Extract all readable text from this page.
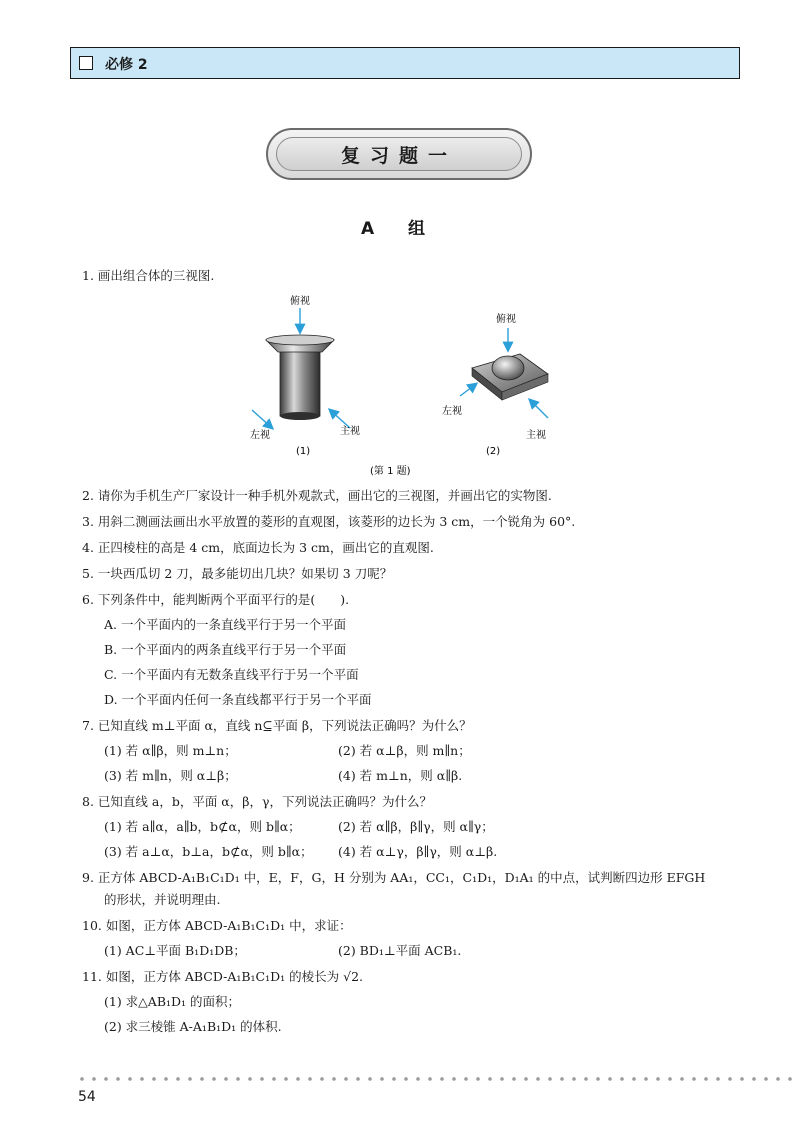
必修 2
复习题一
A 组
1. 画出组合体的三视图.
俯视
左视	主视
(1)
俯视
左视
主视
(2)
(第 1 题)
2. 请你为手机生产厂家设计一种手机外观款式，画出它的三视图，并画出它的实物图.
3. 用斜二测画法画出水平放置的菱形的直观图，该菱形的边长为 3 cm，一个锐角为 60°.
4. 正四棱柱的高是 4 cm，底面边长为 3 cm，画出它的直观图.
5. 一块西瓜切 2 刀，最多能切出几块？如果切 3 刀呢？
6. 下列条件中，能判断两个平面平行的是(　　).
A. 一个平面内的一条直线平行于另一个平面
B. 一个平面内的两条直线平行于另一个平面
C. 一个平面内有无数条直线平行于另一个平面
D. 一个平面内任何一条直线都平行于另一个平面
7. 已知直线 m⊥平面 α，直线 n⊆平面 β，下列说法正确吗？为什么？
(1) 若 α∥β，则 m⊥n；	(2) 若 α⊥β，则 m∥n；
(3) 若 m∥n，则 α⊥β；	(4) 若 m⊥n，则 α∥β.
8. 已知直线 a，b，平面 α，β，γ，下列说法正确吗？为什么？
(1) 若 a∥α，a∥b，b⊄α，则 b∥α；	(2) 若 α∥β，β∥γ，则 α∥γ；
(3) 若 a⊥α，b⊥a，b⊄α，则 b∥α； (4) 若 α⊥γ，β∥γ，则 α⊥β.
9. 正方体 ABCD-A₁B₁C₁D₁ 中，E，F，G，H 分别为 AA₁，CC₁，C₁D₁，D₁A₁ 的中点，试判断四边形 EFGH
的形状，并说明理由.
10. 如图，正方体 ABCD-A₁B₁C₁D₁ 中，求证：
(1) AC⊥平面 B₁D₁DB；	(2) BD₁⊥平面 ACB₁.
11. 如图，正方体 ABCD-A₁B₁C₁D₁ 的棱长为 √2.
(1) 求△AB₁D₁ 的面积；
(2) 求三棱锥 A-A₁B₁D₁ 的体积.
54
